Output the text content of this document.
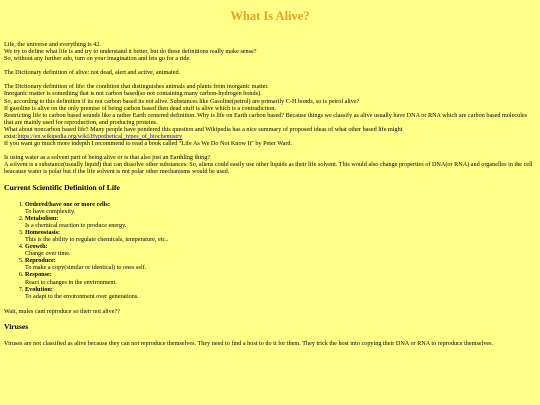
What Is Alive?

Life, the universe and everything is 42.
We try to define what life is and try to understand it better, but do these definitions really make sense?
So, without any further ado, turn on your imagination and lets go for a ride.

The Dictionary definition of alive: not dead, alert and active, animated.

The Dictionary definition of life: the condition that distinguishes animals and plants from inorganic matter.
Inorganic matter is something that is not carbon based(so not containing many carbon-hydrogen bonds).
So, according to this definition if its not carbon based its not alive. Substances like Gasoline(petrol) are primarily C-H bonds, so is petrol alive?
If gasoline is alive on the only premise of being carbon based then dead stuff is alive which is a contradiction.
Restricting life to carbon based sounds like a rather Earth centered definition. Why is life on Earth carbon based? Because things we classify as alive usually have DNA or RNA which are carbon based molecules that are mainly used for reproduction, and producing proteins.
What about noncarbon based life? Many people have pondered this question and Wikipedia has a nice summary of proposed ideas of what other based life might
exist:https://en.wikipedia.org/wiki/Hypothetical_types_of_biochemistry
If you want go much more indepth I recommend to read a book called "Life As We Do Not Know It" by Peter Ward.

Is using water as a solvent part of being alive or is that also just an Earthling thing?
A solvent is a substance(usually liquid) that can dissolve other substances. So, aliens could easily use other liquids as their life solvent. This would also change properties of DNA(or RNA) and organelles in the cell beacause water is polar but if the life solvent is not polar other mechanisms would be used.

Current Scientific Definition of Life
1. Ordered/have one or more cells:
To have complexity.
2. Metabolism:
Is a chemical reaction to produce energy.
3. Homeostasis:
This is the ability to regulate chemicals, temperature, etc..
4. Growth:
Change over time.
5. Reproduce:
To make a copy(similar or identical) to ones self.
6. Response:
React to changes in the environment.
7. Evolution:
To adapt to the environment over generations.

Wait, mules cant reproduce so their not alive??

Viruses

Viruses are not classified as alive because they can not reproduce themselves. They need to find a host to do it for them. They trick the host into copying their DNA or RNA to reproduce themselves.
